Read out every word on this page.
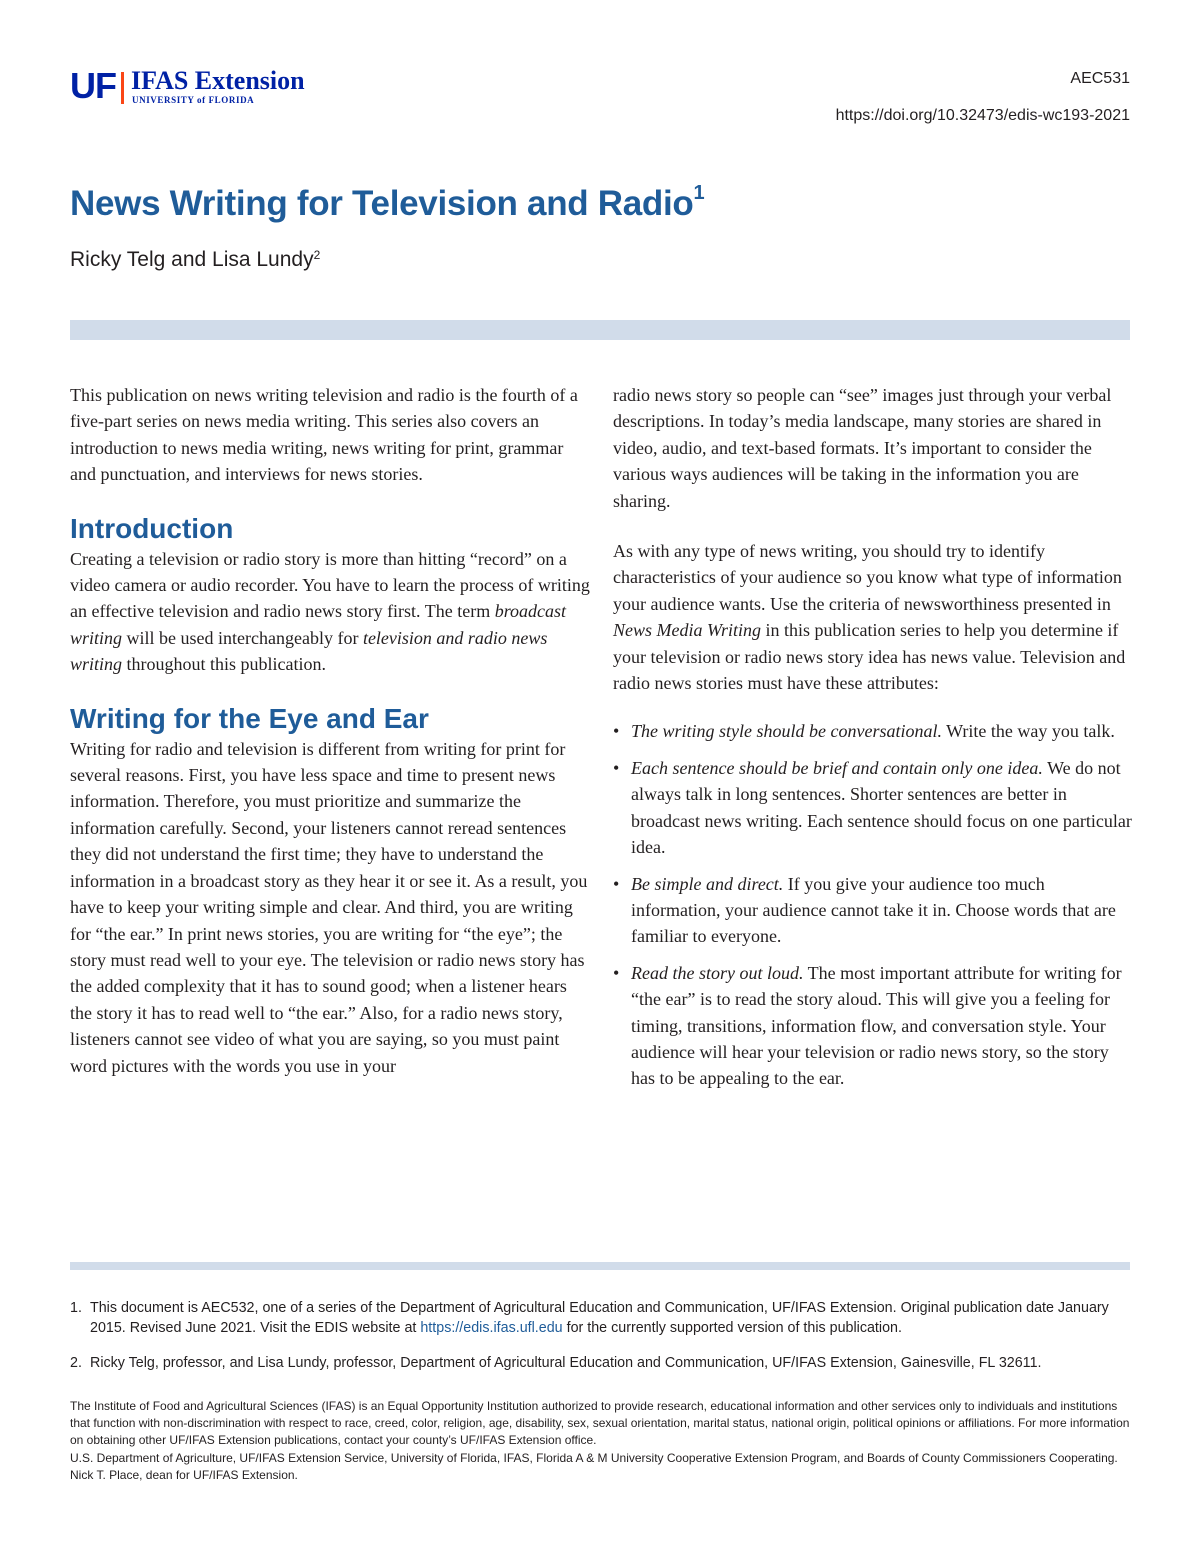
UF IFAS Extension
UNIVERSITY of FLORIDA
AEC531
https://doi.org/10.32473/edis-wc193-2021
News Writing for Television and Radio$^1$
Ricky Telg and Lisa Lundy$^2$

This publication on news writing television and radio is the fourth of a five-part series on news media writing. This series also covers an introduction to news media writing, news writing for print, grammar and punctuation, and interviews for news stories.

Introduction

Creating a television or radio story is more than hitting “record” on a video camera or audio recorder. You have to learn the process of writing an effective television and radio news story first. The term broadcast writing will be used interchangeably for television and radio news writing throughout this publication.

Writing for the Eye and Ear

Writing for radio and television is different from writing for print for several reasons. First, you have less space and time to present news information. Therefore, you must prioritize and summarize the information carefully. Second, your listeners cannot reread sentences they did not understand the first time; they have to understand the information in a broadcast story as they hear it or see it. As a result, you have to keep your writing simple and clear. And third, you are writing for “the ear.” In print news stories, you are writing for “the eye”; the story must read well to your eye. The television or radio news story has the added complexity that it has to sound good; when a listener hears the story it has to read well to “the ear.” Also, for a radio news story, listeners cannot see video of what you are saying, so you must paint word pictures with the words you use in your

radio news story so people can “see” images just through your verbal descriptions. In today’s media landscape, many stories are shared in video, audio, and text-based formats. It’s important to consider the various ways audiences will be taking in the information you are sharing.

As with any type of news writing, you should try to identify characteristics of your audience so you know what type of information your audience wants. Use the criteria of newsworthiness presented in News Media Writing in this publication series to help you determine if your television or radio news story idea has news value. Television and radio news stories must have these attributes:

• The writing style should be conversational. Write the way you talk.
• Each sentence should be brief and contain only one idea. We do not always talk in long sentences. Shorter sentences are better in broadcast news writing. Each sentence should focus on one particular idea.
• Be simple and direct. If you give your audience too much information, your audience cannot take it in. Choose words that are familiar to everyone.
• Read the story out loud. The most important attribute for writing for “the ear” is to read the story aloud. This will give you a feeling for timing, transitions, information flow, and conversation style. Your audience will hear your television or radio news story, so the story has to be appealing to the ear.
1. This document is AEC532, one of a series of the Department of Agricultural Education and Communication, UF/IFAS Extension. Original publication date January 2015. Revised June 2021. Visit the EDIS website at https://edis.ifas.ufl.edu for the currently supported version of this publication.
2. Ricky Telg, professor, and Lisa Lundy, professor, Department of Agricultural Education and Communication, UF/IFAS Extension, Gainesville, FL 32611.

The Institute of Food and Agricultural Sciences (IFAS) is an Equal Opportunity Institution authorized to provide research, educational information and other services only to individuals and institutions that function with non-discrimination with respect to race, creed, color, religion, age, disability, sex, sexual orientation, marital status, national origin, political opinions or affiliations. For more information on obtaining other UF/IFAS Extension publications, contact your county’s UF/IFAS Extension office.

U.S. Department of Agriculture, UF/IFAS Extension Service, University of Florida, IFAS, Florida A & M University Cooperative Extension Program, and Boards of County Commissioners Cooperating. Nick T. Place, dean for UF/IFAS Extension.
